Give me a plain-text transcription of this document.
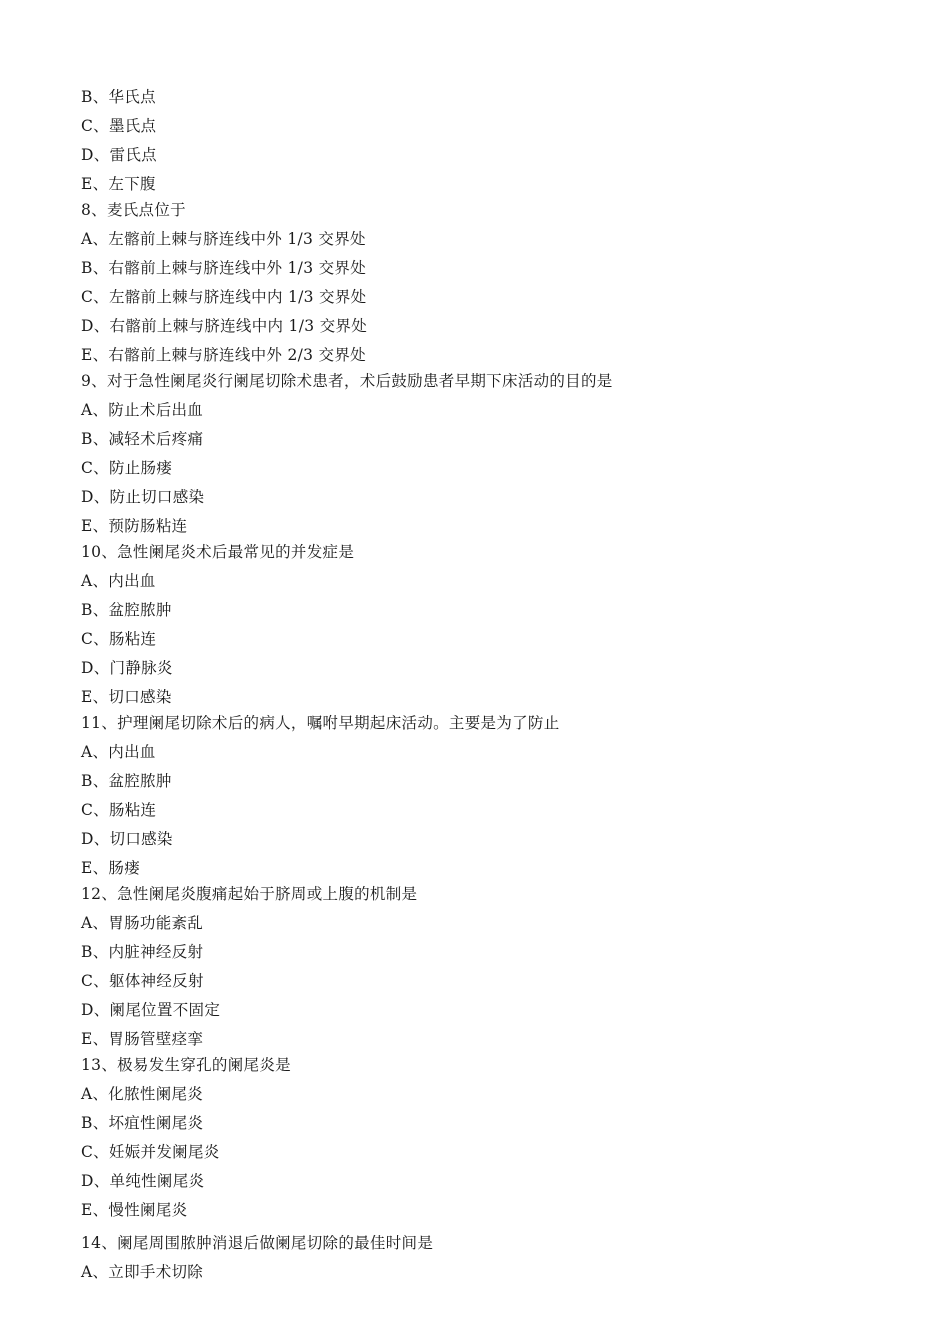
B、华氏点
C、墨氏点
D、雷氏点
E、左下腹
8、麦氏点位于
A、左髂前上棘与脐连线中外 1/3 交界处
B、右髂前上棘与脐连线中外 1/3 交界处
C、左髂前上棘与脐连线中内 1/3 交界处
D、右髂前上棘与脐连线中内 1/3 交界处
E、右髂前上棘与脐连线中外 2/3 交界处
9、对于急性阑尾炎行阑尾切除术患者，术后鼓励患者早期下床活动的目的是
A、防止术后出血
B、减轻术后疼痛
C、防止肠瘘
D、防止切口感染
E、预防肠粘连
10、急性阑尾炎术后最常见的并发症是
A、内出血
B、盆腔脓肿
C、肠粘连
D、门静脉炎
E、切口感染
11、护理阑尾切除术后的病人，嘱咐早期起床活动。主要是为了防止
A、内出血
B、盆腔脓肿
C、肠粘连
D、切口感染
E、肠瘘
12、急性阑尾炎腹痛起始于脐周或上腹的机制是
A、胃肠功能紊乱
B、内脏神经反射
C、躯体神经反射
D、阑尾位置不固定
E、胃肠管壁痉挛
13、极易发生穿孔的阑尾炎是
A、化脓性阑尾炎
B、坏疽性阑尾炎
C、妊娠并发阑尾炎
D、单纯性阑尾炎
E、慢性阑尾炎
14、阑尾周围脓肿消退后做阑尾切除的最佳时间是
A、立即手术切除
